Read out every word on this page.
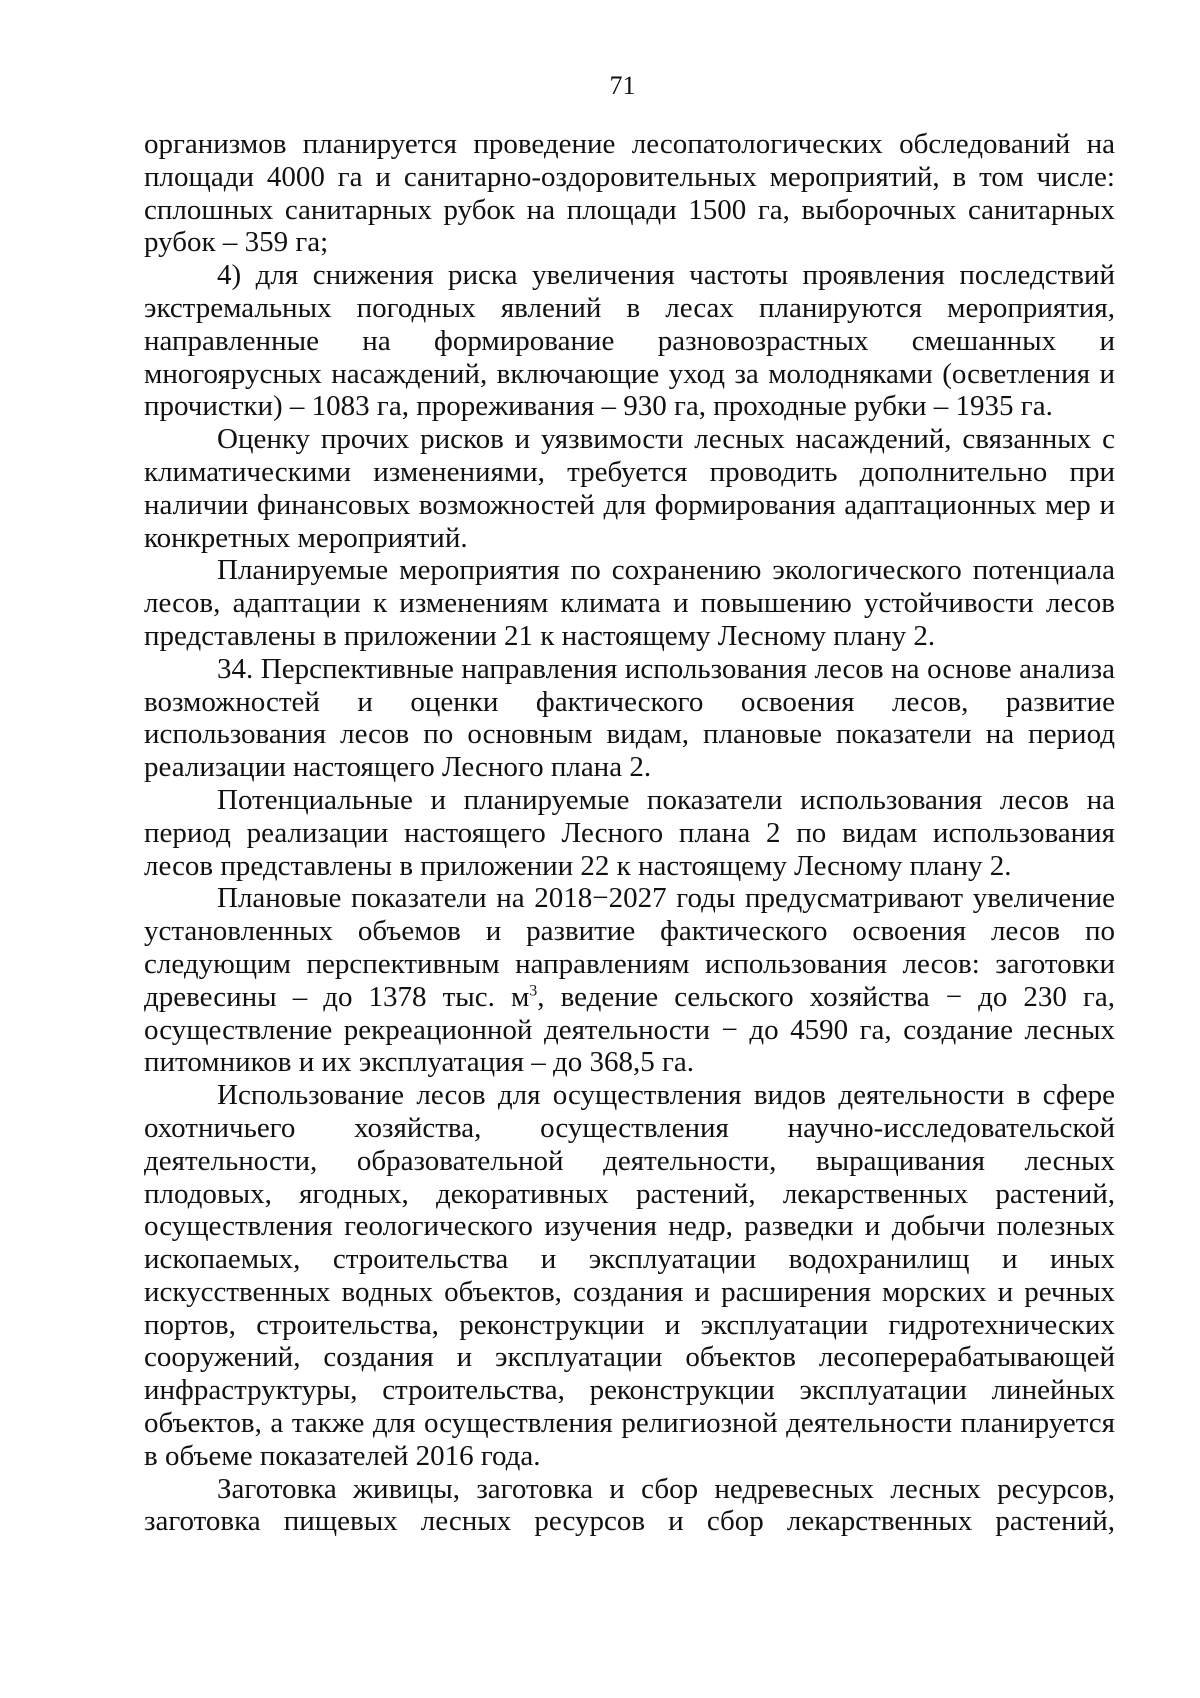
71

организмов планируется проведение лесопатологических обследований на площади 4000 га и санитарно-оздоровительных мероприятий, в том числе: сплошных санитарных рубок на площади 1500 га, выборочных санитарных рубок – 359 га;

4) для снижения риска увеличения частоты проявления последствий экстремальных погодных явлений в лесах планируются мероприятия, направленные на формирование разновозрастных смешанных и многоярусных насаждений, включающие уход за молодняками (осветления и прочистки) – 1083 га, прореживания – 930 га, проходные рубки – 1935 га.

Оценку прочих рисков и уязвимости лесных насаждений, связанных с климатическими изменениями, требуется проводить дополнительно при наличии финансовых возможностей для формирования адаптационных мер и конкретных мероприятий.

Планируемые мероприятия по сохранению экологического потенциала лесов, адаптации к изменениям климата и повышению устойчивости лесов представлены в приложении 21 к настоящему Лесному плану 2.

34. Перспективные направления использования лесов на основе анализа возможностей и оценки фактического освоения лесов, развитие использования лесов по основным видам, плановые показатели на период реализации настоящего Лесного плана 2.

Потенциальные и планируемые показатели использования лесов на период реализации настоящего Лесного плана 2 по видам использования лесов представлены в приложении 22 к настоящему Лесному плану 2.

Плановые показатели на 2018−2027 годы предусматривают увеличение установленных объемов и развитие фактического освоения лесов по следующим перспективным направлениям использования лесов: заготовки древесины – до 1378 тыс. $м^3$, ведение сельского хозяйства − до 230 га, осуществление рекреационной деятельности − до 4590 га, создание лесных питомников и их эксплуатация – до 368,5 га.

Использование лесов для осуществления видов деятельности в сфере охотничьего хозяйства, осуществления научно-исследовательской деятельности, образовательной деятельности, выращивания лесных плодовых, ягодных, декоративных растений, лекарственных растений, осуществления геологического изучения недр, разведки и добычи полезных ископаемых, строительства и эксплуатации водохранилищ и иных искусственных водных объектов, создания и расширения морских и речных портов, строительства, реконструкции и эксплуатации гидротехнических сооружений, создания и эксплуатации объектов лесоперерабатывающей инфраструктуры, строительства, реконструкции эксплуатации линейных объектов, а также для осуществления религиозной деятельности планируется в объеме показателей 2016 года.

Заготовка живицы, заготовка и сбор недревесных лесных ресурсов, заготовка пищевых лесных ресурсов и сбор лекарственных растений,
